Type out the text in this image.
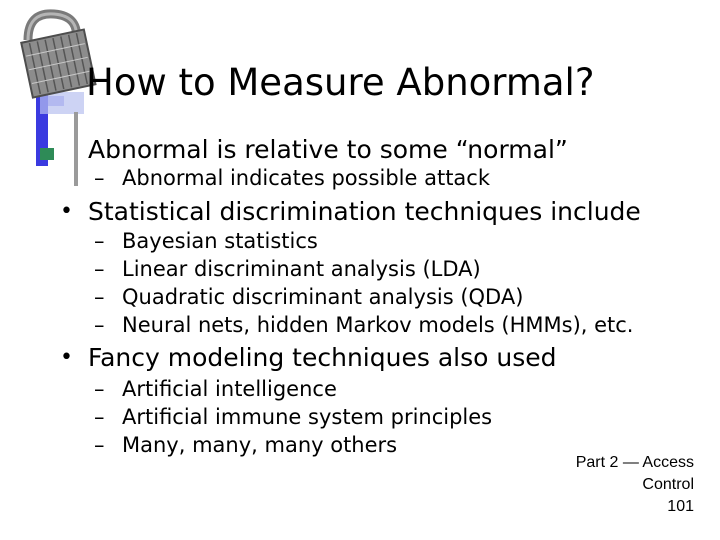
How to Measure Abnormal?
Abnormal is relative to some “normal”
– Abnormal indicates possible attack
• Statistical discrimination techniques include
– Bayesian statistics
– Linear discriminant analysis (LDA)
– Quadratic discriminant analysis (QDA)
– Neural nets, hidden Markov models (HMMs), etc.
• Fancy modeling techniques also used
– Artificial intelligence
– Artificial immune system principles
– Many, many, many others
Part 2 — Access
Control
101
